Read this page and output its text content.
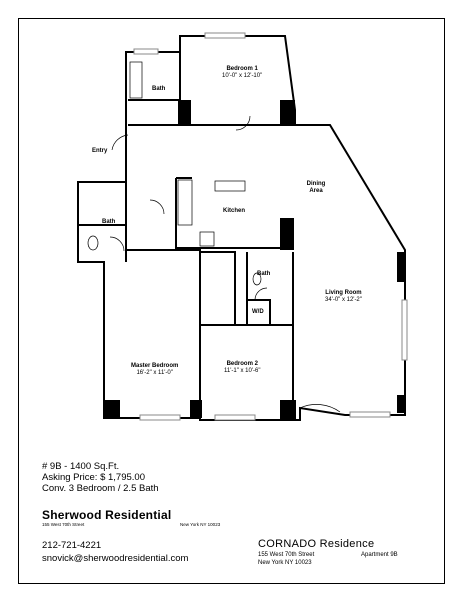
Bedroom 1
10'-0" x 12'-10"
Bath
Entry
Dining Area
Kitchen
Bath
Bath
W/D
Living Room
34'-0" x 12'-2"
Master Bedroom
16'-2" x 11'-0"
Bedroom 2
11'-1" x 10'-6"
# 9B - 1400 Sq.Ft.
Asking Price: $ 1,795.00
Conv. 3 Bedroom / 2.5 Bath
Sherwood Residential
155 West 70th Street	New York NY 10023
212-721-4221
snovick@sherwoodresidential.com
CORNADO Residence
155 West 70th Street	Apartment 9B
New York NY 10023
